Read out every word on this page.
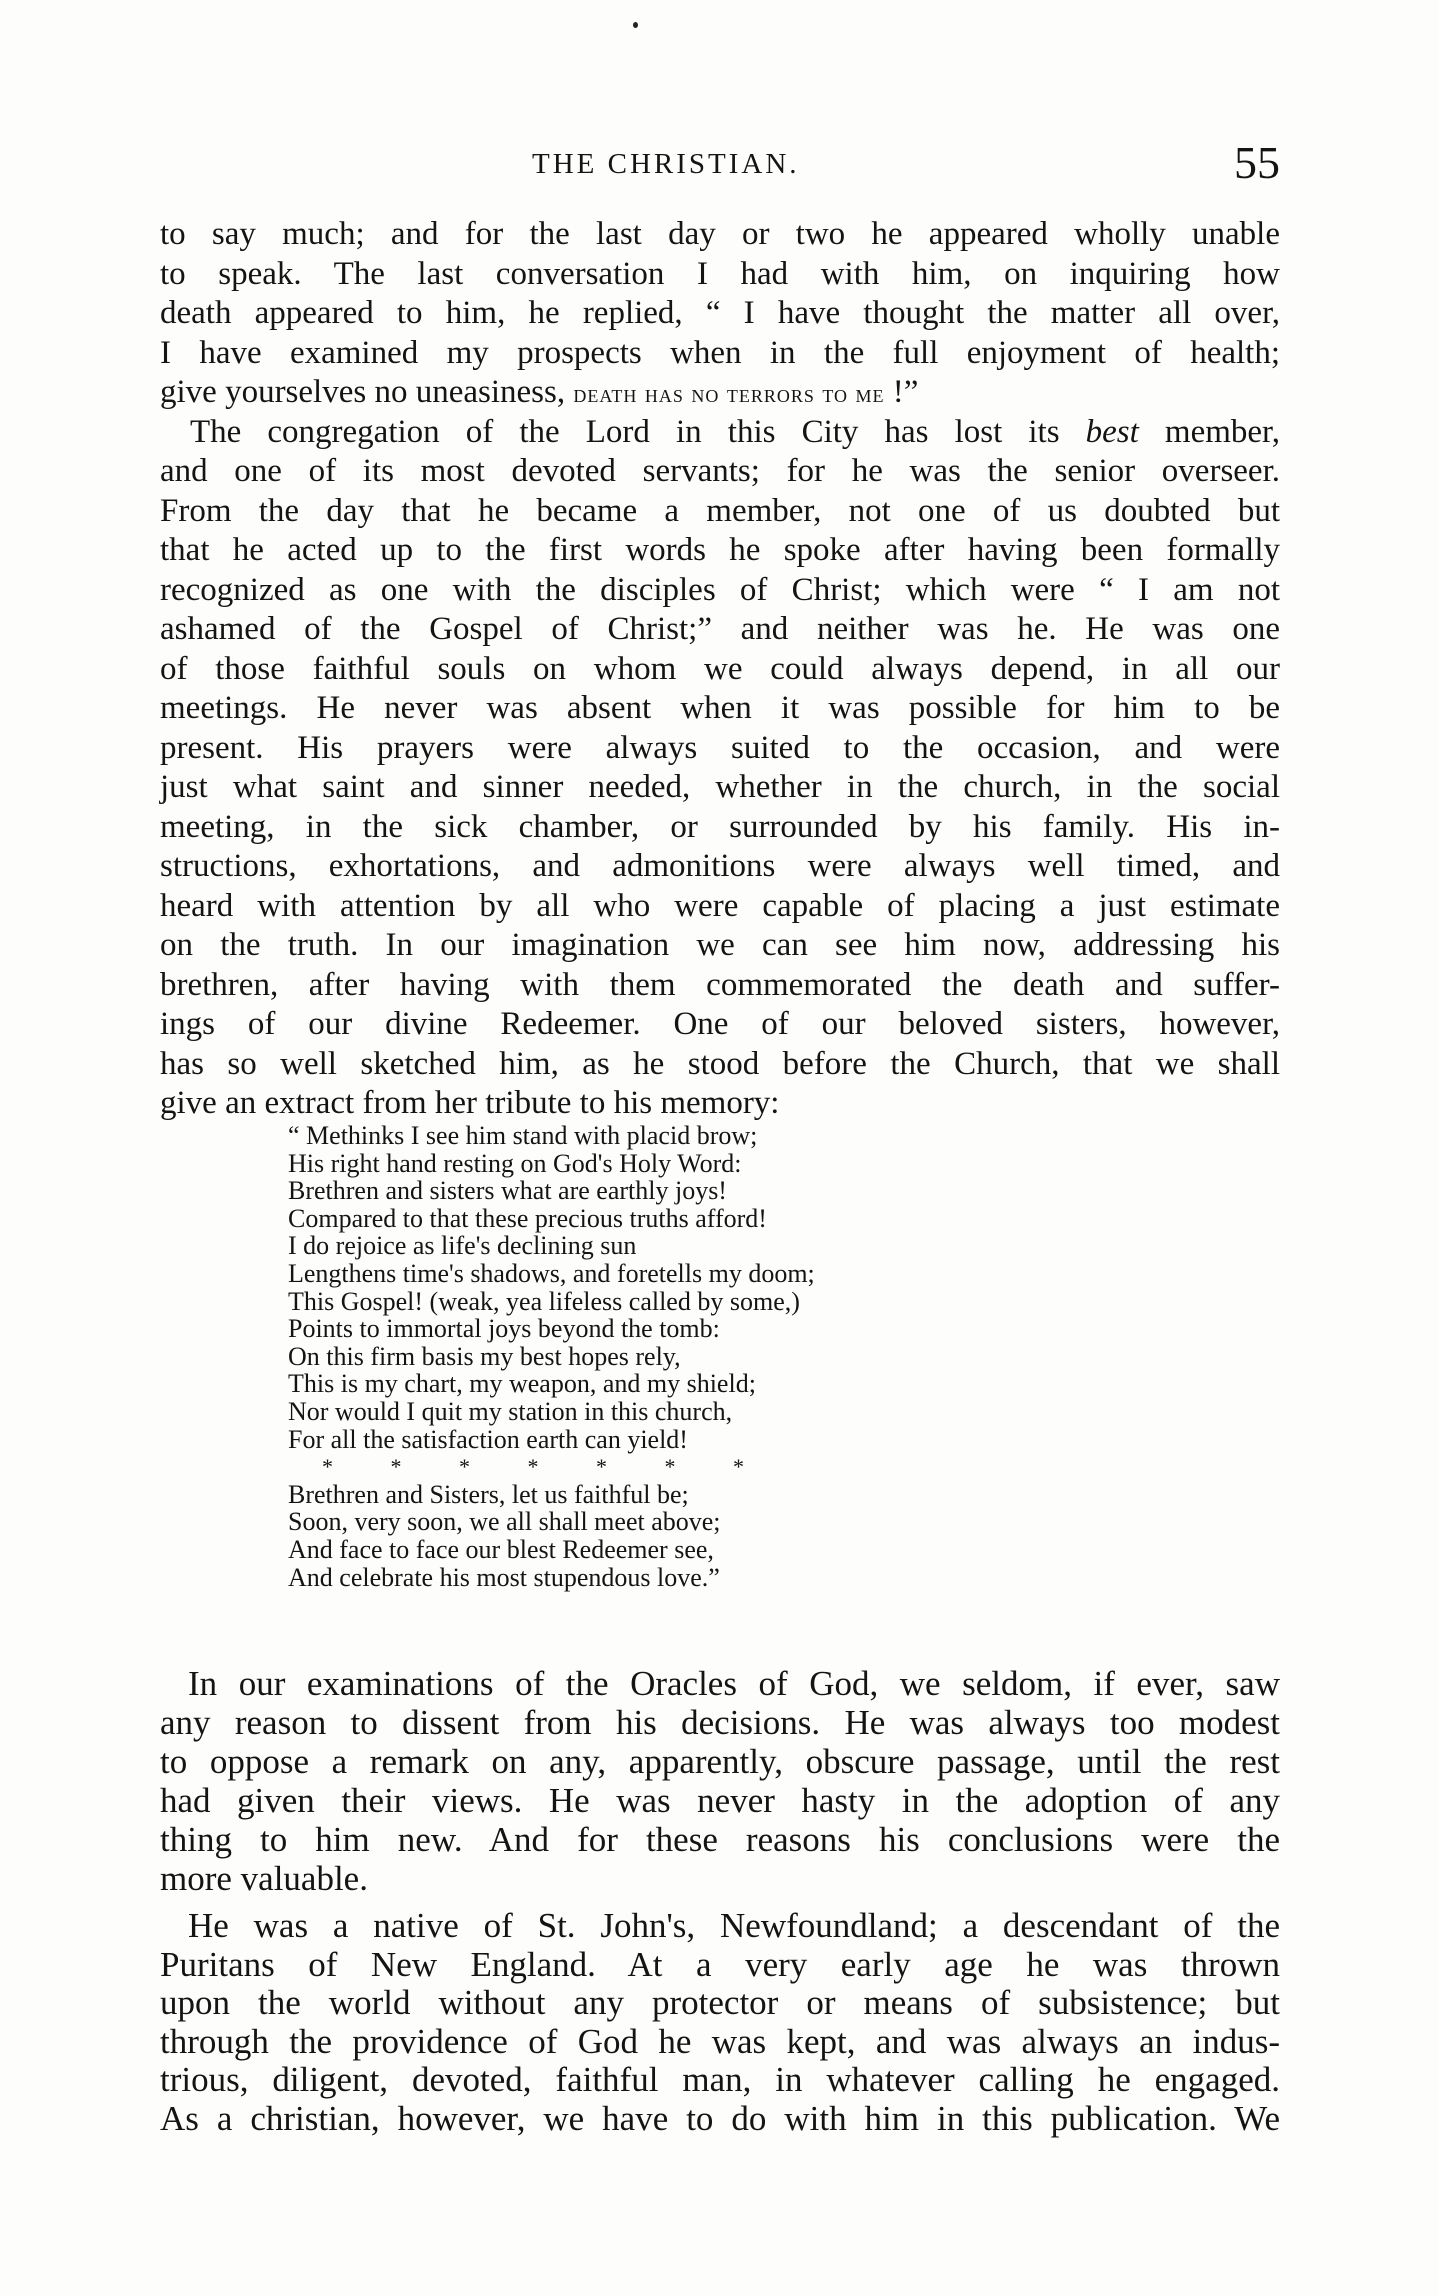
THE CHRISTIAN.	55
to say much; and for the last day or two he appeared wholly unable
to speak. The last conversation I had with him, on inquiring how
death appeared to him, he replied, “ I have thought the matter all over,
I have examined my prospects when in the full enjoyment of health;
give yourselves no uneasiness, death has no terrors to me !”
The congregation of the Lord in this City has lost its best member,
and one of its most devoted servants; for he was the senior overseer.
From the day that he became a member, not one of us doubted but
that he acted up to the first words he spoke after having been formally
recognized as one with the disciples of Christ; which were “ I am not
ashamed of the Gospel of Christ;” and neither was he. He was one
of those faithful souls on whom we could always depend, in all our
meetings. He never was absent when it was possible for him to be
present. His prayers were always suited to the occasion, and were
just what saint and sinner needed, whether in the church, in the social
meeting, in the sick chamber, or surrounded by his family. His in-
structions, exhortations, and admonitions were always well timed, and
heard with attention by all who were capable of placing a just estimate
on the truth. In our imagination we can see him now, addressing his
brethren, after having with them commemorated the death and suffer-
ings of our divine Redeemer. One of our beloved sisters, however,
has so well sketched him, as he stood before the Church, that we shall
give an extract from her tribute to his memory:
“ Methinks I see him stand with placid brow;
His right hand resting on God's Holy Word:
Brethren and sisters what are earthly joys!
Compared to that these precious truths afford!
I do rejoice as life's declining sun
Lengthens time's shadows, and foretells my doom;
This Gospel! (weak, yea lifeless called by some,)
Points to immortal joys beyond the tomb:
On this firm basis my best hopes rely,
This is my chart, my weapon, and my shield;
Nor would I quit my station in this church,
For all the satisfaction earth can yield!
* * * * * * *
Brethren and Sisters, let us faithful be;
Soon, very soon, we all shall meet above;
And face to face our blest Redeemer see,
And celebrate his most stupendous love.”
In our examinations of the Oracles of God, we seldom, if ever, saw
any reason to dissent from his decisions. He was always too modest
to oppose a remark on any, apparently, obscure passage, until the rest
had given their views. He was never hasty in the adoption of any
thing to him new. And for these reasons his conclusions were the
more valuable.
He was a native of St. John's, Newfoundland; a descendant of the
Puritans of New England. At a very early age he was thrown
upon the world without any protector or means of subsistence; but
through the providence of God he was kept, and was always an indus-
trious, diligent, devoted, faithful man, in whatever calling he engaged.
As a christian, however, we have to do with him in this publication. We
